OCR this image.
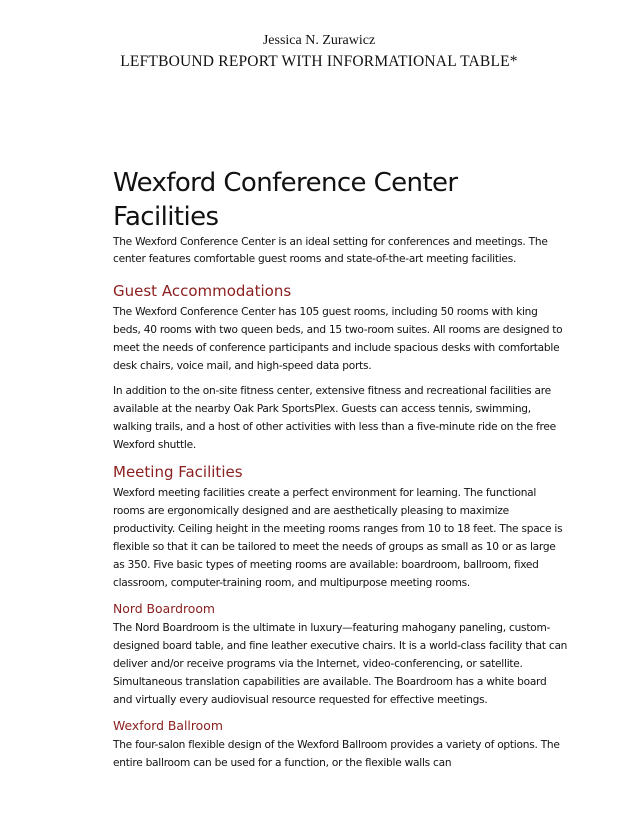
Jessica N. Zurawicz
LEFTBOUND REPORT WITH INFORMATIONAL TABLE*
Wexford Conference Center Facilities

The Wexford Conference Center is an ideal setting for conferences and meetings. The center features comfortable guest rooms and state-of-the-art meeting facilities.

Guest Accommodations

The Wexford Conference Center has 105 guest rooms, including 50 rooms with king beds, 40 rooms with two queen beds, and 15 two-room suites. All rooms are designed to meet the needs of conference participants and include spacious desks with comfortable desk chairs, voice mail, and high-speed data ports.

In addition to the on-site fitness center, extensive fitness and recreational facilities are available at the nearby Oak Park SportsPlex. Guests can access tennis, swimming, walking trails, and a host of other activities with less than a five-minute ride on the free Wexford shuttle.

Meeting Facilities

Wexford meeting facilities create a perfect environment for learning. The functional rooms are ergonomically designed and are aesthetically pleasing to maximize productivity. Ceiling height in the meeting rooms ranges from 10 to 18 feet. The space is flexible so that it can be tailored to meet the needs of groups as small as 10 or as large as 350. Five basic types of meeting rooms are available: boardroom, ballroom, fixed classroom, computer-training room, and multipurpose meeting rooms.

Nord Boardroom

The Nord Boardroom is the ultimate in luxury—featuring mahogany paneling, custom-designed board table, and fine leather executive chairs. It is a world-class facility that can deliver and/or receive programs via the Internet, video-conferencing, or satellite. Simultaneous translation capabilities are available. The Boardroom has a white board and virtually every audiovisual resource requested for effective meetings.

Wexford Ballroom

The four-salon flexible design of the Wexford Ballroom provides a variety of options. The entire ballroom can be used for a function, or the flexible walls can
